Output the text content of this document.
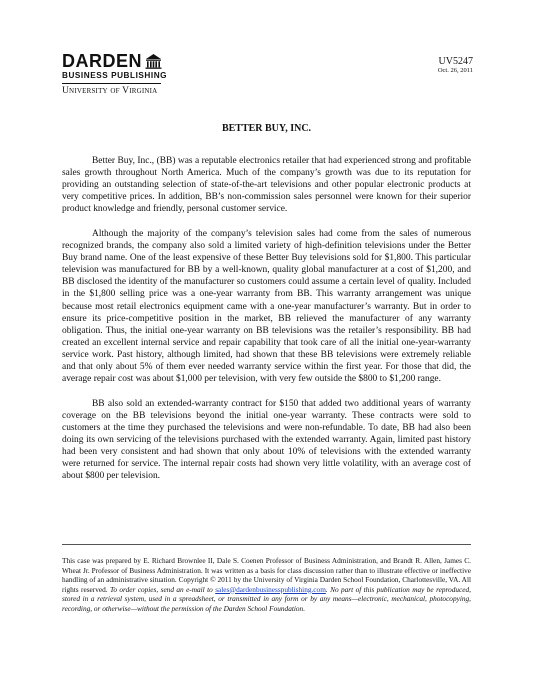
DARDEN
BUSINESS PUBLISHING
University of Virginia
UV5247
Oct. 26, 2011
BETTER BUY, INC.

Better Buy, Inc., (BB) was a reputable electronics retailer that had experienced strong and profitable sales growth throughout North America. Much of the company’s growth was due to its reputation for providing an outstanding selection of state-of-the-art televisions and other popular electronic products at very competitive prices. In addition, BB’s non-commission sales personnel were known for their superior product knowledge and friendly, personal customer service.

Although the majority of the company’s television sales had come from the sales of numerous recognized brands, the company also sold a limited variety of high-definition televisions under the Better Buy brand name. One of the least expensive of these Better Buy televisions sold for $1,800. This particular television was manufactured for BB by a well-known, quality global manufacturer at a cost of $1,200, and BB disclosed the identity of the manufacturer so customers could assume a certain level of quality. Included in the $1,800 selling price was a one-year warranty from BB. This warranty arrangement was unique because most retail electronics equipment came with a one-year manufacturer’s warranty. But in order to ensure its price-competitive position in the market, BB relieved the manufacturer of any warranty obligation. Thus, the initial one-year warranty on BB televisions was the retailer’s responsibility. BB had created an excellent internal service and repair capability that took care of all the initial one-year-warranty service work. Past history, although limited, had shown that these BB televisions were extremely reliable and that only about 5% of them ever needed warranty service within the first year. For those that did, the average repair cost was about $1,000 per television, with very few outside the $800 to $1,200 range.

BB also sold an extended-warranty contract for $150 that added two additional years of warranty coverage on the BB televisions beyond the initial one-year warranty. These contracts were sold to customers at the time they purchased the televisions and were non-refundable. To date, BB had also been doing its own servicing of the televisions purchased with the extended warranty. Again, limited past history had been very consistent and had shown that only about 10% of televisions with the extended warranty were returned for service. The internal repair costs had shown very little volatility, with an average cost of about $800 per television.

This case was prepared by E. Richard Brownlee II, Dale S. Coenen Professor of Business Administration, and Brandt R. Allen, James C. Wheat Jr. Professor of Business Administration. It was written as a basis for class discussion rather than to illustrate effective or ineffective handling of an administrative situation. Copyright © 2011 by the University of Virginia Darden School Foundation, Charlottesville, VA. All rights reserved. To order copies, send an e-mail to sales@dardenbusinesspublishing.com. No part of this publication may be reproduced, stored in a retrieval system, used in a spreadsheet, or transmitted in any form or by any means—electronic, mechanical, photocopying, recording, or otherwise—without the permission of the Darden School Foundation.
